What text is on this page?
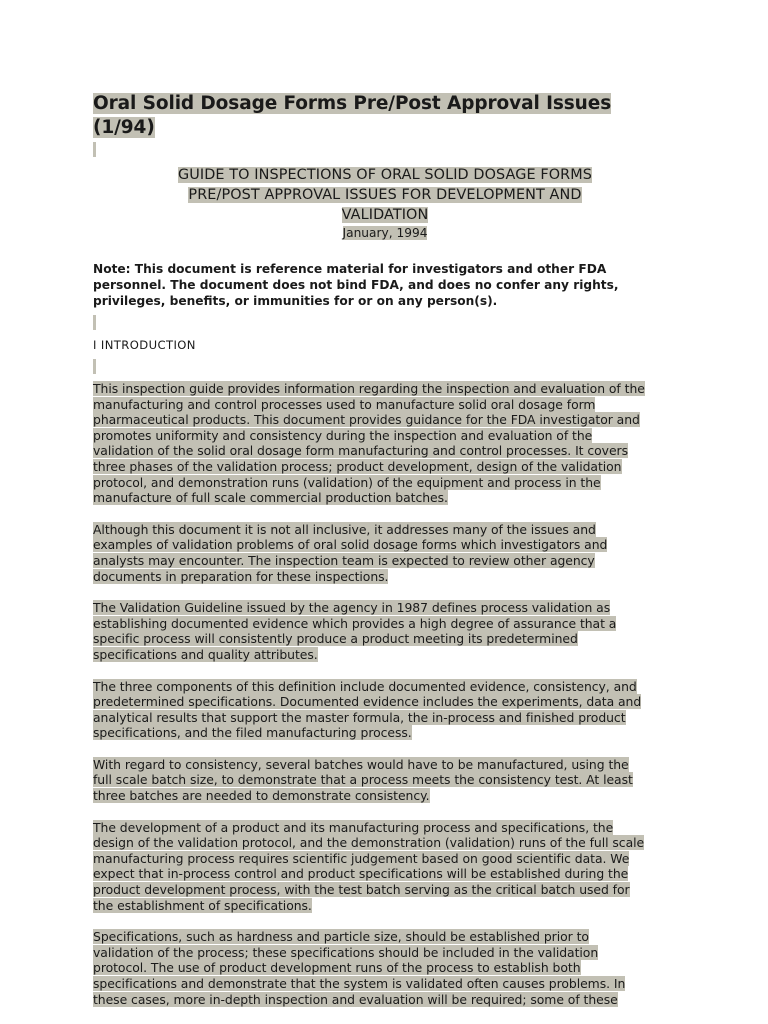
Oral Solid Dosage Forms Pre/Post Approval Issues
(1/94)
GUIDE TO INSPECTIONS OF ORAL SOLID DOSAGE FORMS
PRE/POST APPROVAL ISSUES FOR DEVELOPMENT AND
VALIDATION
January, 1994
Note: This document is reference material for investigators and other FDA
personnel. The document does not bind FDA, and does no confer any rights,
privileges, benefits, or immunities for or on any person(s).
I INTRODUCTION
This inspection guide provides information regarding the inspection and evaluation of the
manufacturing and control processes used to manufacture solid oral dosage form
pharmaceutical products. This document provides guidance for the FDA investigator and
promotes uniformity and consistency during the inspection and evaluation of the
validation of the solid oral dosage form manufacturing and control processes. It covers
three phases of the validation process; product development, design of the validation
protocol, and demonstration runs (validation) of the equipment and process in the
manufacture of full scale commercial production batches.
Although this document it is not all inclusive, it addresses many of the issues and
examples of validation problems of oral solid dosage forms which investigators and
analysts may encounter. The inspection team is expected to review other agency
documents in preparation for these inspections.
The Validation Guideline issued by the agency in 1987 defines process validation as
establishing documented evidence which provides a high degree of assurance that a
specific process will consistently produce a product meeting its predetermined
specifications and quality attributes.
The three components of this definition include documented evidence, consistency, and
predetermined specifications. Documented evidence includes the experiments, data and
analytical results that support the master formula, the in-process and finished product
specifications, and the filed manufacturing process.
With regard to consistency, several batches would have to be manufactured, using the
full scale batch size, to demonstrate that a process meets the consistency test. At least
three batches are needed to demonstrate consistency.
The development of a product and its manufacturing process and specifications, the
design of the validation protocol, and the demonstration (validation) runs of the full scale
manufacturing process requires scientific judgement based on good scientific data. We
expect that in-process control and product specifications will be established during the
product development process, with the test batch serving as the critical batch used for
the establishment of specifications.
Specifications, such as hardness and particle size, should be established prior to
validation of the process; these specifications should be included in the validation
protocol. The use of product development runs of the process to establish both
specifications and demonstrate that the system is validated often causes problems. In
these cases, more in-depth inspection and evaluation will be required; some of these
